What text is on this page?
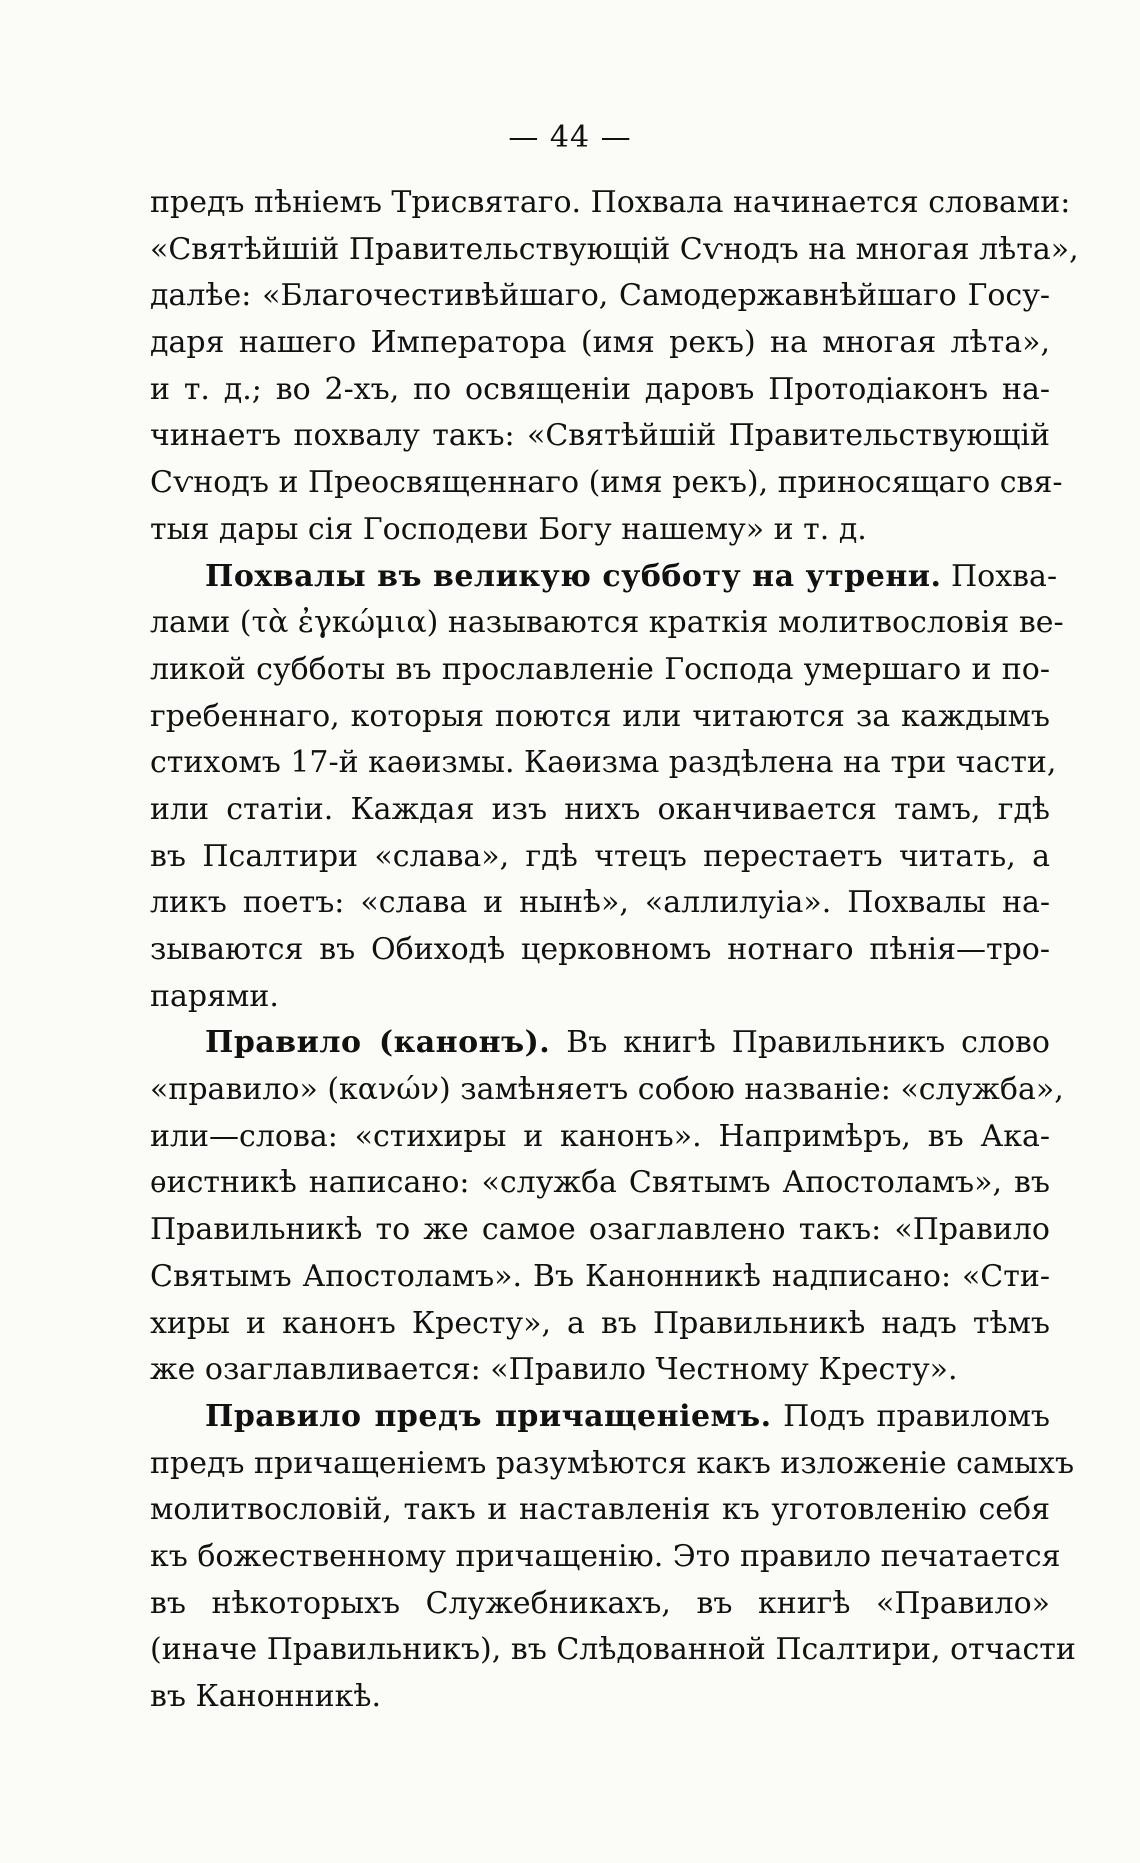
— 44 —
предъ пѣніемъ Трисвятаго. Похвала начинается словами:
«Святѣйшій Правительствующій Сѵнодъ на многая лѣта»,
далѣе: «Благочестивѣйшаго, Самодержавнѣйшаго Госу-
даря нашего Императора (имя рекъ) на многая лѣта»,
и т. д.; во 2-хъ, по освященіи даровъ Протодіаконъ на-
чинаетъ похвалу такъ: «Святѣйшій Правительствующій
Сѵнодъ и Преосвященнаго (имя рекъ), приносящаго свя-
тыя дары сія Господеви Богу нашему» и т. д.
Похвалы въ великую субботу на утрени. Похва-
лами (τὰ ἐγκώμια) называются краткія молитвословія ве-
ликой субботы въ прославленіе Господа умершаго и по-
гребеннаго, которыя поются или читаются за каждымъ
стихомъ 17-й каѳизмы. Каѳизма раздѣлена на три части,
или статіи. Каждая изъ нихъ оканчивается тамъ, гдѣ
въ Псалтири «слава», гдѣ чтецъ перестаетъ читать, а
ликъ поетъ: «слава и нынѣ», «аллилуіа». Похвалы на-
зываются въ Обиходѣ церковномъ нотнаго пѣнія—тро-
парями.
Правило (канонъ). Въ книгѣ Правильникъ слово
«правило» (κανών) замѣняетъ собою названіе: «служба»,
или—слова: «стихиры и канонъ». Напримѣръ, въ Ака-
ѳистникѣ написано: «служба Святымъ Апостоламъ», въ
Правильникѣ то же самое озаглавлено такъ: «Правило
Святымъ Апостоламъ». Въ Канонникѣ надписано: «Сти-
хиры и канонъ Кресту», а въ Правильникѣ надъ тѣмъ
же озаглавливается: «Правило Честному Кресту».
Правило предъ причащеніемъ. Подъ правиломъ
предъ причащеніемъ разумѣются какъ изложеніе самыхъ
молитвословій, такъ и наставленія къ уготовленію себя
къ божественному причащенію. Это правило печатается
въ нѣкоторыхъ Служебникахъ, въ книгѣ «Правило»
(иначе Правильникъ), въ Слѣдованной Псалтири, отчасти
въ Канонникѣ.
